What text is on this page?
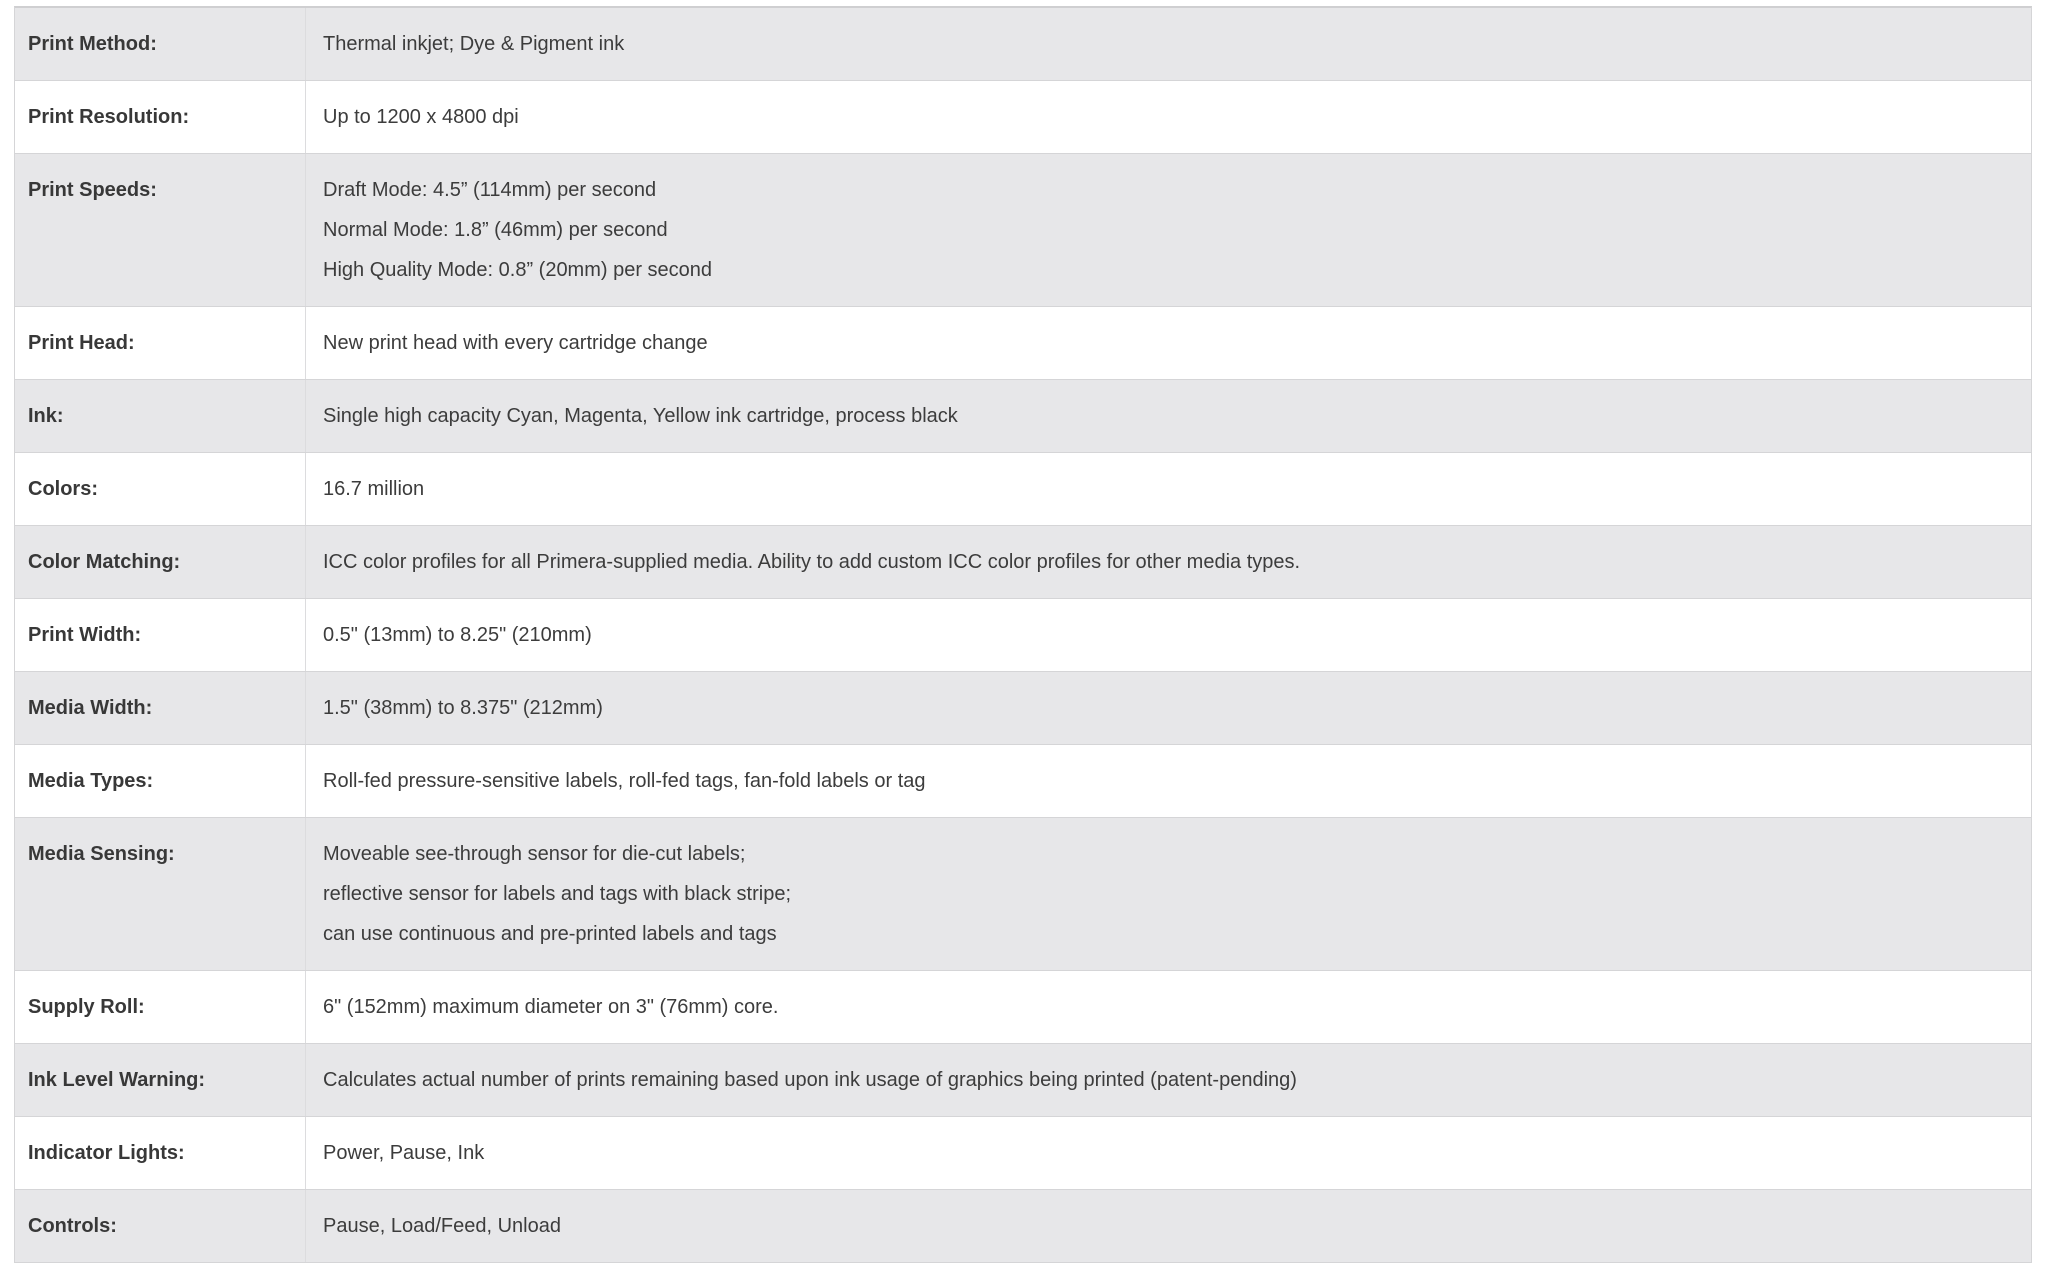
Print Method:	Thermal inkjet; Dye & Pigment ink
Print Resolution:	Up to 1200 x 4800 dpi
Print Speeds:	Draft Mode: 4.5” (114mm) per second
Normal Mode: 1.8” (46mm) per second
High Quality Mode: 0.8” (20mm) per second
Print Head:	New print head with every cartridge change
Ink:	Single high capacity Cyan, Magenta, Yellow ink cartridge, process black
Colors:	16.7 million
Color Matching:	ICC color profiles for all Primera-supplied media. Ability to add custom ICC color profiles for other media types.
Print Width:	0.5" (13mm) to 8.25" (210mm)
Media Width:	1.5" (38mm) to 8.375" (212mm)
Media Types:	Roll-fed pressure-sensitive labels, roll-fed tags, fan-fold labels or tag
Media Sensing:	Moveable see-through sensor for die-cut labels;
reflective sensor for labels and tags with black stripe;
can use continuous and pre-printed labels and tags
Supply Roll:	6" (152mm) maximum diameter on 3" (76mm) core.
Ink Level Warning:	Calculates actual number of prints remaining based upon ink usage of graphics being printed (patent-pending)
Indicator Lights:	Power, Pause, Ink
Controls:	Pause, Load/Feed, Unload
